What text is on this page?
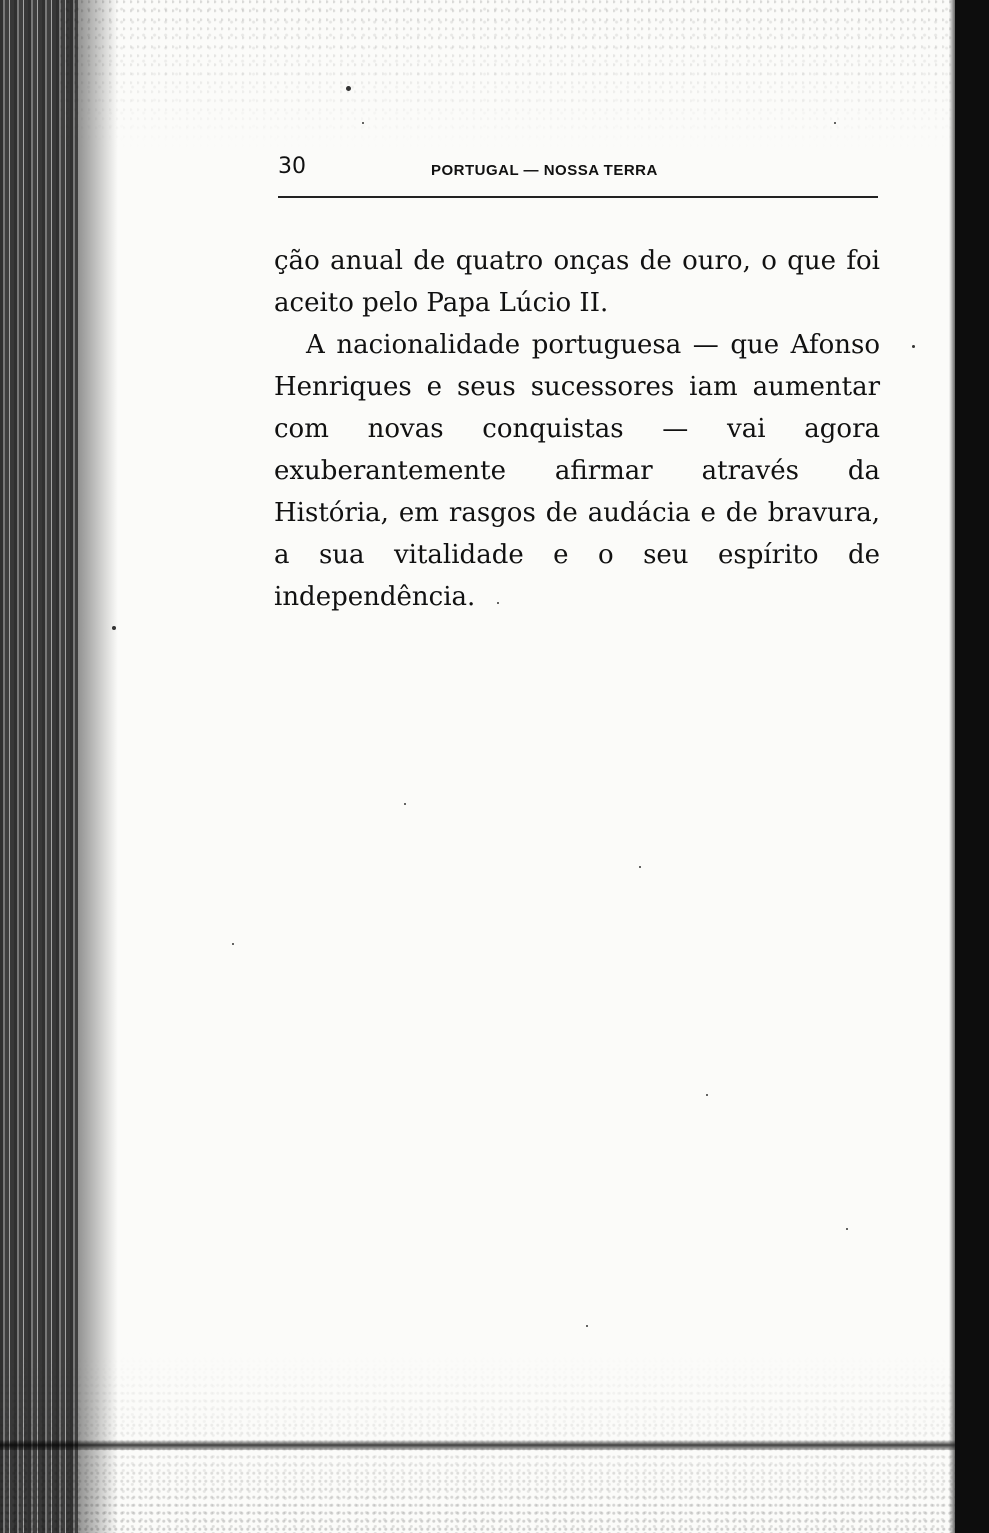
30	PORTUGAL — NOSSA TERRA

ção anual de quatro onças de ouro, o que foi aceito pelo Papa Lúcio II.

A nacionalidade portuguesa — que Afonso Henriques e seus sucessores iam aumentar com novas conquistas — vai agora exuberantemente afirmar através da História, em rasgos de audácia e de bravura, a sua vitalidade e o seu espírito de independência.
